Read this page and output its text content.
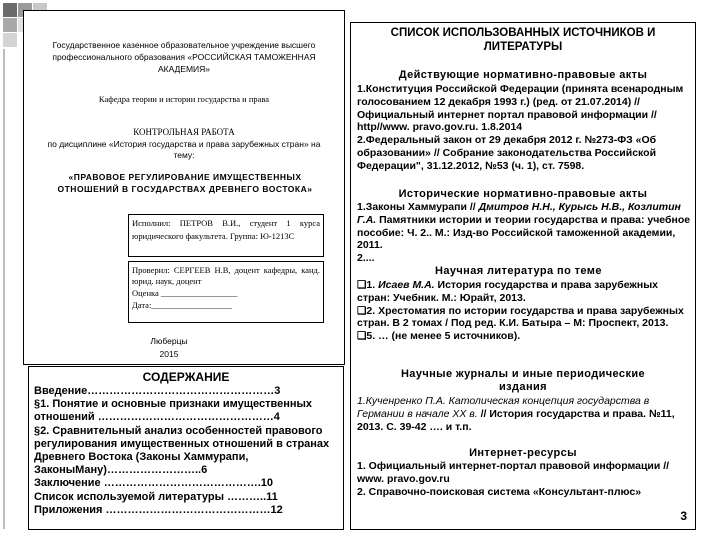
Государственное казенное образовательное учреждение высшего профессионального образования «РОССИЙСКАЯ ТАМОЖЕННАЯ АКАДЕМИЯ»
Кафедра теории и истории государства и права
КОНТРОЛЬНАЯ РАБОТА
по дисциплине «История государства и права зарубежных стран» на тему:
«ПРАВОВОЕ РЕГУЛИРОВАНИЕ ИМУЩЕСТВЕННЫХ ОТНОШЕНИЙ В ГОСУДАРСТВАХ ДРЕВНЕГО ВОСТОКА»
Исполнил: ПЕТРОВ В.И., студент 1 курса юридического факультета. Группа: Ю-1213С
Проверил: СЕРГЕЕВ Н.В, доцент кафедры, канд. юрид. наук, доцент
Оценка __________________
Дата:___________________
Люберцы
2015
СОДЕРЖАНИЕ
Введение……………………………………………3
§1. Понятие и основные признаки имущественных отношений …………………………………………4
§2. Сравнительный анализ особенностей правового регулирования имущественных отношений в странах Древнего Востока (Законы Хаммурапи, ЗаконыМану)……………………..6
Заключение …………………………………….10
Список используемой литературы ………..11
Приложения ………………………………………12
СПИСОК ИСПОЛЬЗОВАННЫХ ИСТОЧНИКОВ И
ЛИТЕРАТУРЫ
Действующие нормативно-правовые акты

1.Конституция Российской Федерации (принята всенародным голосованием 12 декабря 1993 г.) (ред. от 21.07.2014) // Официальный интернет портал правовой информации // http//www. pravo.gov.ru. 1.8.2014

2.Федеральный закон от 29 декабря 2012 г. №273-ФЗ «Об образовании» // Собрание законодательства Российской Федерации", 31.12.2012, №53 (ч. 1), ст. 7598.

Исторические нормативно-правовые акты

1.Законы Хаммурапи // Дмитров Н.Н., Курысь Н.В., Козлитин Г.А. Памятники истории и теории государства и права: учебное пособие: Ч. 2.. М.: Изд-во Российской таможенной академии, 2011.

2....

Научная литература по теме

❑1. Исаев М.А. История государства и права зарубежных стран: Учебник. М.: Юрайт, 2013.

❑2. Хрестоматия по истории государства и права зарубежных стран. В 2 томах / Под ред. К.И. Батыра – М: Проспект, 2013.

❑5. … (не менее 5 источников).

Научные журналы и иные периодические
издания

1.Кученренко П.А. Католическая концепция государства в Германии в начале XX в. // История государства и права. №11, 2013. С. 39-42 …. и т.п.

Интернет-ресурсы

1. Официальный интернет-портал правовой информации // www. pravo.gov.ru

2. Справочно-поисковая система «Консультант-плюс»

3
